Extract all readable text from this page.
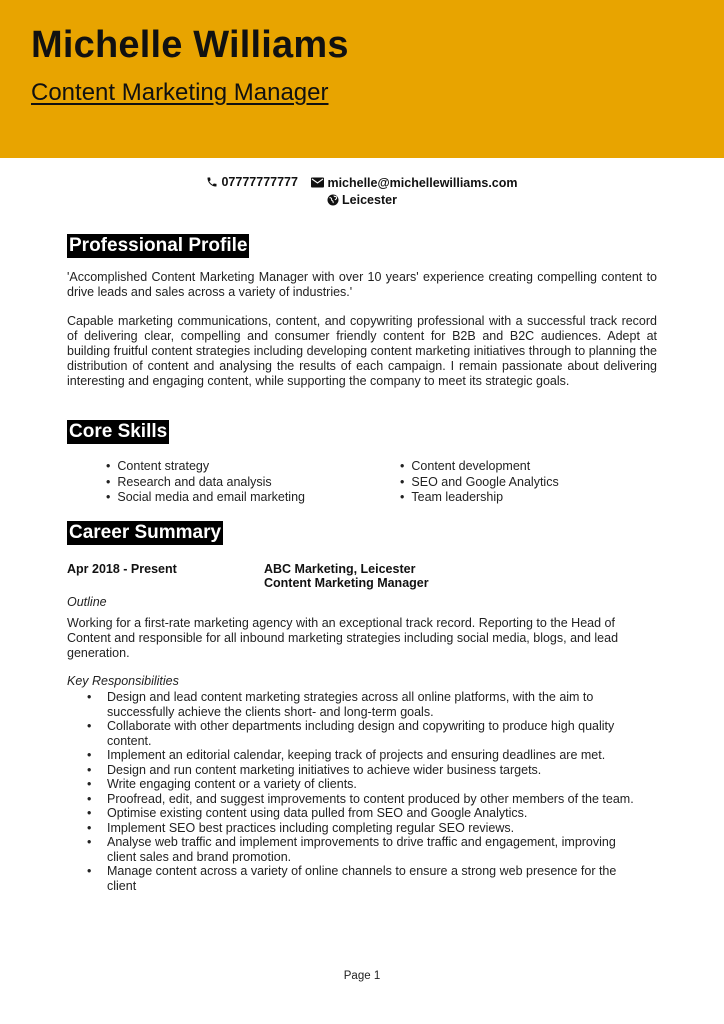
Michelle Williams
Content Marketing Manager
07777777777
michelle@michellewilliams.com
Leicester
Professional Profile

'Accomplished Content Marketing Manager with over 10 years' experience creating compelling content to drive leads and sales across a variety of industries.'

Capable marketing communications, content, and copywriting professional with a successful track record of delivering clear, compelling and consumer friendly content for B2B and B2C audiences. Adept at building fruitful content strategies including developing content marketing initiatives through to planning the distribution of content and analysing the results of each campaign. I remain passionate about delivering interesting and engaging content, while supporting the company to meet its strategic goals.

Core Skills
• Content strategy
• Research and data analysis
• Social media and email marketing
• Content development
• SEO and Google Analytics
• Team leadership
Career Summary
Apr 2018 - Present	ABC Marketing, Leicester
Content Marketing Manager
Outline

Working for a first-rate marketing agency with an exceptional track record. Reporting to the Head of Content and responsible for all inbound marketing strategies including social media, blogs, and lead generation.

Key Responsibilities
• Design and lead content marketing strategies across all online platforms, with the aim to successfully achieve the clients short- and long-term goals.
• Collaborate with other departments including design and copywriting to produce high quality content.
• Implement an editorial calendar, keeping track of projects and ensuring deadlines are met.
• Design and run content marketing initiatives to achieve wider business targets.
• Write engaging content or a variety of clients.
• Proofread, edit, and suggest improvements to content produced by other members of the team.
• Optimise existing content using data pulled from SEO and Google Analytics.
• Implement SEO best practices including completing regular SEO reviews.
• Analyse web traffic and implement improvements to drive traffic and engagement, improving client sales and brand promotion.
• Manage content across a variety of online channels to ensure a strong web presence for the client
Page 1
